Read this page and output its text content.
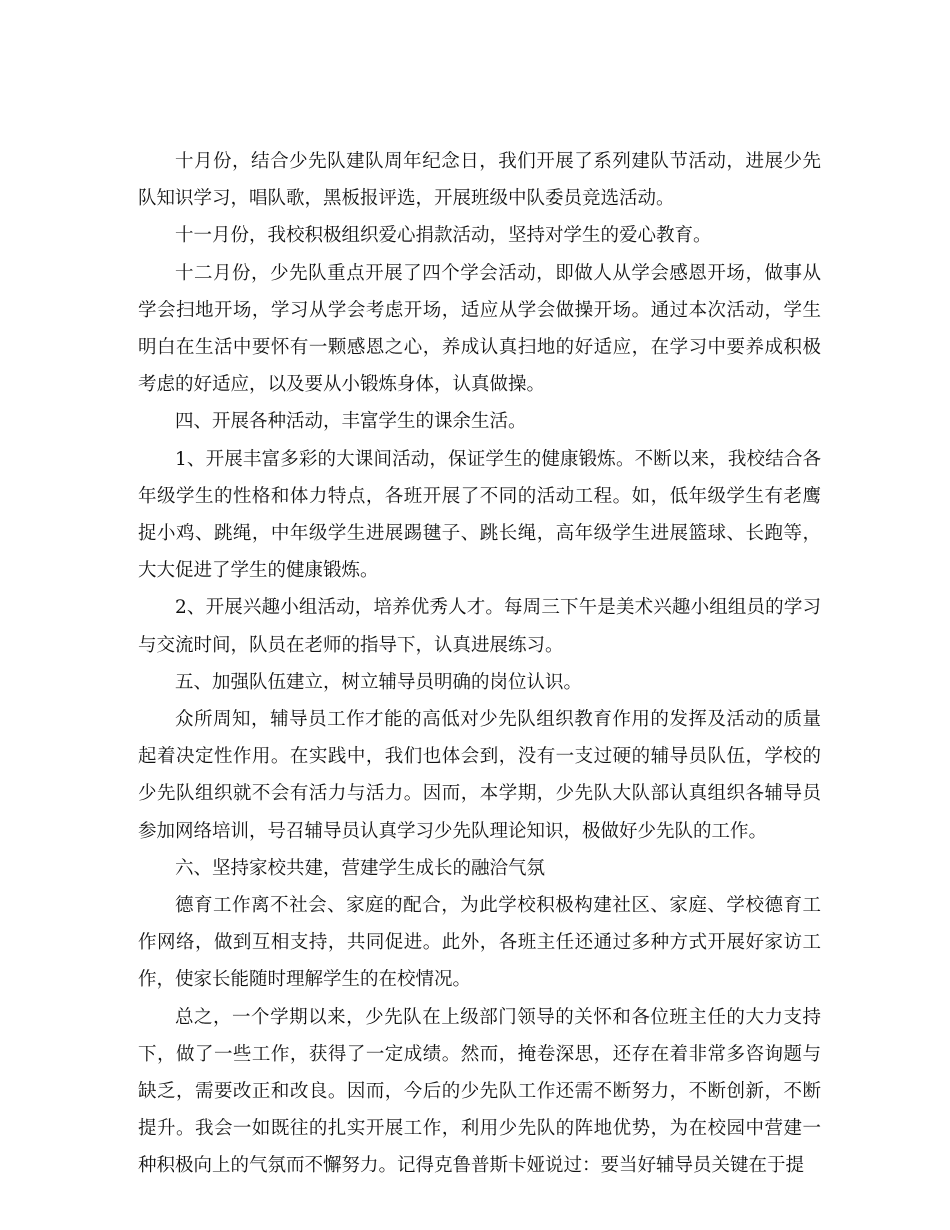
十月份，结合少先队建队周年纪念日，我们开展了系列建队节活动，进展少先队知识学习，唱队歌，黑板报评选，开展班级中队委员竞选活动。

十一月份，我校积极组织爱心捐款活动，坚持对学生的爱心教育。

十二月份，少先队重点开展了四个学会活动，即做人从学会感恩开场，做事从学会扫地开场，学习从学会考虑开场，适应从学会做操开场。通过本次活动，学生明白在生活中要怀有一颗感恩之心，养成认真扫地的好适应，在学习中要养成积极考虑的好适应，以及要从小锻炼身体，认真做操。

四、开展各种活动，丰富学生的课余生活。

1、开展丰富多彩的大课间活动，保证学生的健康锻炼。不断以来，我校结合各年级学生的性格和体力特点，各班开展了不同的活动工程。如，低年级学生有老鹰捉小鸡、跳绳，中年级学生进展踢毽子、跳长绳，高年级学生进展篮球、长跑等，大大促进了学生的健康锻炼。

2、开展兴趣小组活动，培养优秀人才。每周三下午是美术兴趣小组组员的学习与交流时间，队员在老师的指导下，认真进展练习。

五、加强队伍建立，树立辅导员明确的岗位认识。

众所周知，辅导员工作才能的高低对少先队组织教育作用的发挥及活动的质量起着决定性作用。在实践中，我们也体会到，没有一支过硬的辅导员队伍，学校的少先队组织就不会有活力与活力。因而，本学期，少先队大队部认真组织各辅导员参加网络培训，号召辅导员认真学习少先队理论知识，极做好少先队的工作。

六、坚持家校共建，营建学生成长的融洽气氛

德育工作离不社会、家庭的配合，为此学校积极构建社区、家庭、学校德育工作网络，做到互相支持，共同促进。此外，各班主任还通过多种方式开展好家访工作，使家长能随时理解学生的在校情况。

总之，一个学期以来，少先队在上级部门领导的关怀和各位班主任的大力支持下，做了一些工作，获得了一定成绩。然而，掩卷深思，还存在着非常多咨询题与缺乏，需要改正和改良。因而，今后的少先队工作还需不断努力，不断创新，不断提升。我会一如既往的扎实开展工作，利用少先队的阵地优势，为在校园中营建一种积极向上的气氛而不懈努力。记得克鲁普斯卡娅说过：要当好辅导员关键在于提
